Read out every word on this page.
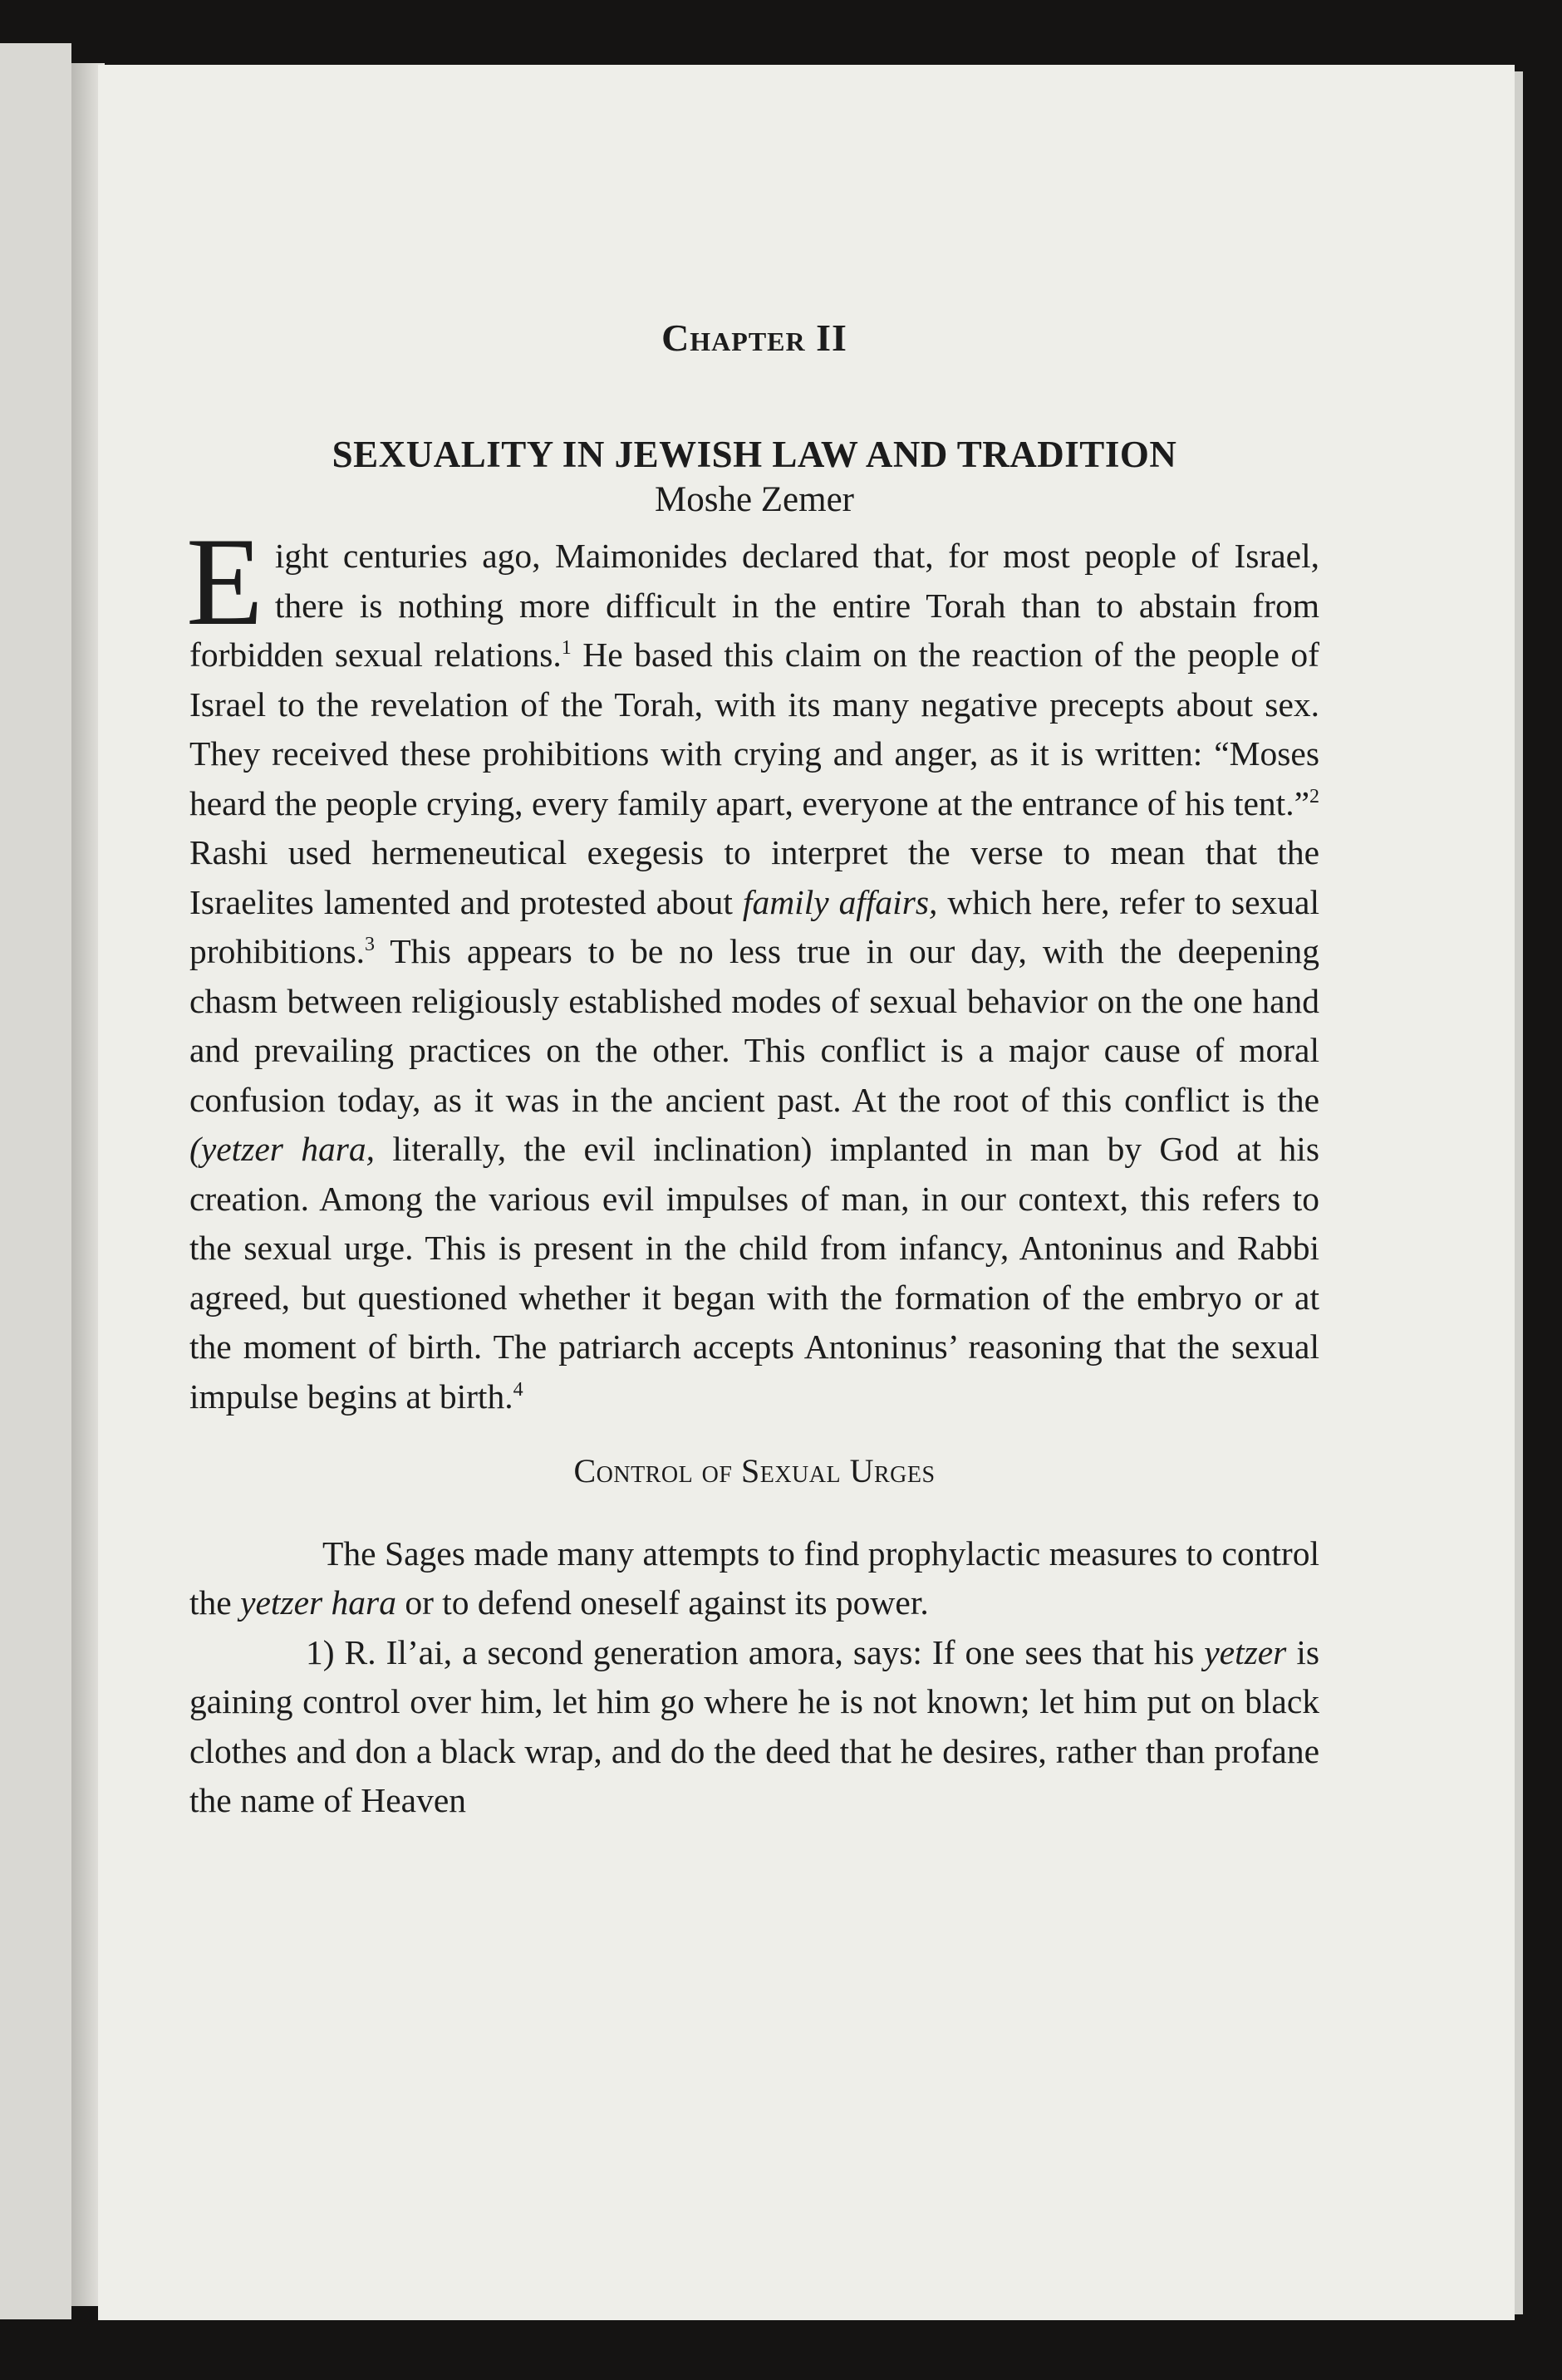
Chapter II
SEXUALITY IN JEWISH LAW AND TRADITION
Moshe Zemer

Eight centuries ago, Maimonides declared that, for most people of Israel, there is nothing more difficult in the entire Torah than to abstain from forbidden sexual relations.$^1$ He based this claim on the reaction of the people of Israel to the revelation of the Torah, with its many negative precepts about sex. They received these prohibitions with crying and anger, as it is written: “Moses heard the people crying, every family apart, everyone at the entrance of his tent.”$^2$ Rashi used hermeneutical exegesis to interpret the verse to mean that the Israelites lamented and protested about family affairs, which here, refer to sexual prohibitions.$^3$ This appears to be no less true in our day, with the deepening chasm between religiously established modes of sexual behavior on the one hand and prevailing practices on the other. This conflict is a major cause of moral confusion today, as it was in the ancient past. At the root of this conflict is the (yetzer hara, literally, the evil inclination) implanted in man by God at his creation. Among the various evil impulses of man, in our context, this refers to the sexual urge. This is present in the child from infancy, Antoninus and Rabbi agreed, but questioned whether it began with the formation of the embryo or at the moment of birth. The patriarch accepts Antoninus’ reasoning that the sexual impulse begins at birth.$^4$

Control of Sexual Urges

The Sages made many attempts to find prophylactic measures to control the yetzer hara or to defend oneself against its power.

1) R. Il’ai, a second generation amora, says: If one sees that his yetzer is gaining control over him, let him go where he is not known; let him put on black clothes and don a black wrap, and do the deed that he desires, rather than profane the name of Heaven
